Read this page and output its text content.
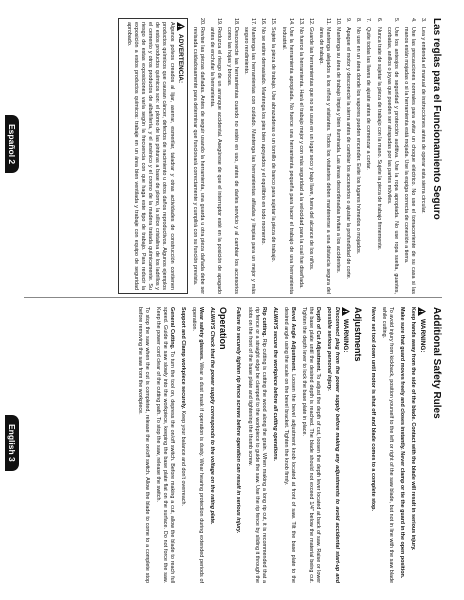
Las reglas para el Funcionamiento Seguro
3.
Lea y entienda el manual de instrucciones antes de operar esta sierra circular.
4.
Use las precauciones normales para evitar un choque eléctrico. No use el tomacorriente de su casa si las manos están mojadas o si la herramienta está mojada. Use la espiga correcta de conexión a tierra.
5.
Use los anteojos de seguridad y protección auditiva. Use la ropa apropiada. No use ropa suelta, guantes, corbatas, anillos o joyas que pueden ser atrapadas por las partes móviles.
6.
Nunca trate de sujetar la pieza de trabajo con la mano. Sujete la pieza de trabajo firmemente.
7.
Quite todas las llaves de ajuste antes de comenzar a cortar.
8.
No use en un área donde los vapores pueden encender. Evite los lugares húmedos o mojados.
9.
Apague el motor y desconecte la sierra antes de cambiar los accesorios o ajustar la profundidad de corte.
10.
Mantenga su área de trabajo limpia y bien iluminada. Las áreas desordenadas invitan a los accidentes.
11.
Mantenga alejados a los niños y visitantes. Todos los visitantes deben mantenerse a una distancia segura del área de trabajo.
12.
Guarde las herramientas que no se usan en un lugar seco y bajo llave, fuera del alcance de los niños.
13.
No fuerce la herramienta. Hará el trabajo mejor y con más seguridad a la velocidad para la cual fue diseñada.
14.
Use la herramienta apropiada. No fuerce una herramienta pequeña para hacer el trabajo de una herramienta industrial.
15.
Sujete la pieza de trabajo. Use abrazaderas o un tornillo de banco para sujetar la pieza de trabajo.
16.
No se estire demasiado. Mantenga los pies bien apoyados y el equilibrio en todo momento.
17.
Mantenga las herramientas con cuidado. Mantenga las herramientas afiladas y limpias para un mejor y más seguro rendimiento.
18.
Desconecte las herramientas cuando no estén en uso, antes de darles servicio y al cambiar los accesorios como las hojas y brocas.
19.
Reduzca el riesgo de un arranque accidental. Asegúrese de que el interruptor esté en la posición de apagado antes de enchufar la herramienta.
20.
Revise las piezas dañadas. Antes de seguir usando la herramienta, una guarda u otra pieza dañada debe ser revisada cuidadosamente para determinar que funcionará correctamente y cumplirá con su función prevista.
ADVERTENCIA:

Algunos polvos creados al lijar, aserrar, esmerilar, taladrar y otras actividades de construcción contienen productos químicos que causan cáncer, defectos de nacimiento u otros daños reproductivos. Algunos ejemplos de estos productos químicos son: el plomo de las pinturas a base de plomo, la sílice cristalina de los ladrillos y el cemento y otros productos de albañilería, y el arsénico y el cromo de la madera tratada químicamente. Su riesgo de estas exposiciones varía según la frecuencia con que haga este tipo de trabajo. Para reducir la exposición a estos productos químicos: trabaje en un área bien ventilada y trabaje con equipo de seguridad aprobado.

Additional Safety Rules
WARNING:

Keep hands away from the side of the blade. Contact with the blade will result in serious injury.

Make sure that guard moves freely and closes instantly. Never clamp or tie the guard in the open position.

To avoid injury from kickback, position yourself to the left or right of the saw blade, but not in line with the saw blade while cutting.

Never set tool down until motor is shut off and blade comes to a complete stop.

Adjustments
WARNING:

Disconnect plug from the power supply before making any adjustments to avoid accidental start-up and possible serious personal injury.

Depth of Cut Adjustment. To adjust the depth of cut, loosen the depth lever located at back of saw. Raise or lower the base plate until the desired depth is reached. The blade should not exceed 1/4" below the material being cut. Tighten the depth lever to lock the base plate in place.

Bevel Angle Adjustment. Loosen the bevel adjustment knob located at front of saw. Tilt the base plate to the desired angle using the scale on the bevel bracket. Tighten the knob firmly.

ALWAYS secure the workpiece before all cutting operations.

Rip cutting. Rip cutting is cutting the wood along the grain. When making a long rip cut, it is recommended that a rip fence or a straight edge be clamped to the workpiece to guide the saw. Use the rip fence by sliding it through the slots on the front of the base plate and tightening the thumb screw.

Failure to securely tighten rip fence screws before operation can result in serious injury.

Operation

ALWAYS Check that the power supply corresponds to the voltage on the rating plate.

Wear safety glasses. Wear a dust mask if operation is dusty. Wear hearing protection during extended periods of operation.

Support and Clamp workpiece securely. Keep your balance and don't overreach.

General Cutting. To turn the tool on, depress the on/off switch. Before making a cut, allow the blade to reach full speed. Guide the saw slowly into the workpiece, keeping the base plate flat on the surface. Do not force the saw. Keep the power cord clear of the cutting path. To stop the saw, release the switch.

To stop the saw when the cut is completed, release the on/off switch. Allow the blade to come to a complete stop before removing the saw from the workpiece.

Español 2
English 3
